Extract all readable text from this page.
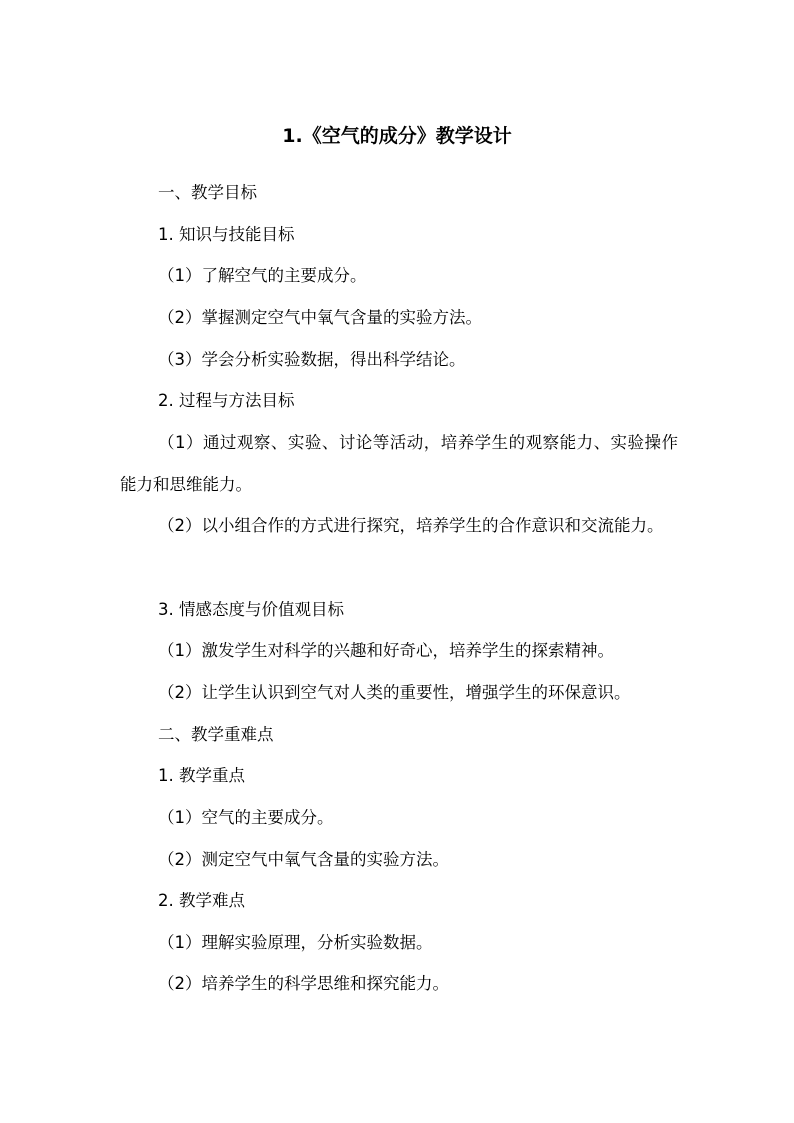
1.《空气的成分》教学设计
一、教学目标
1. 知识与技能目标
（1）了解空气的主要成分。
（2）掌握测定空气中氧气含量的实验方法。
（3）学会分析实验数据，得出科学结论。
2. 过程与方法目标
（1）通过观察、实验、讨论等活动，培养学生的观察能力、实验操作能力和思维能力。
（2）以小组合作的方式进行探究，培养学生的合作意识和交流能力。
3. 情感态度与价值观目标
（1）激发学生对科学的兴趣和好奇心，培养学生的探索精神。
（2）让学生认识到空气对人类的重要性，增强学生的环保意识。
二、教学重难点
1. 教学重点
（1）空气的主要成分。
（2）测定空气中氧气含量的实验方法。
2. 教学难点
（1）理解实验原理，分析实验数据。
（2）培养学生的科学思维和探究能力。
